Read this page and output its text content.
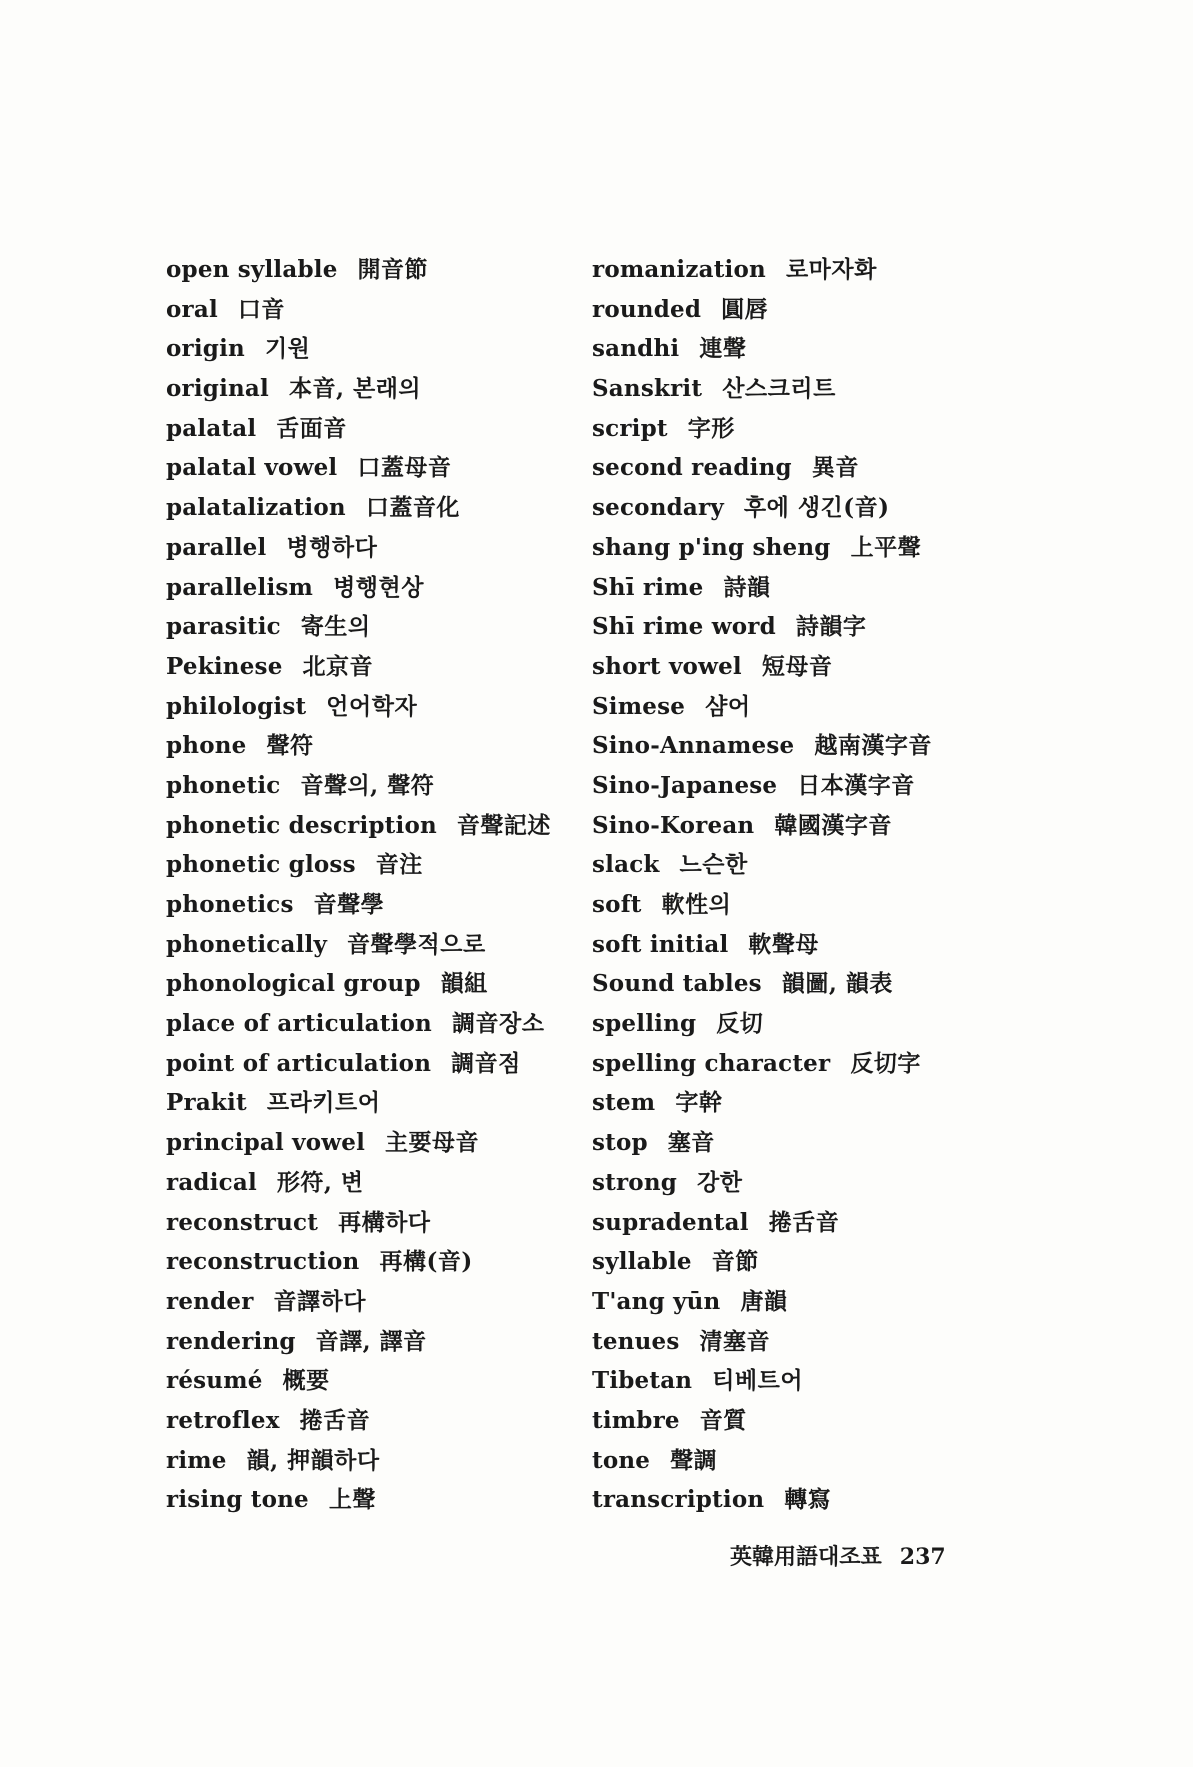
open syllable 開音節
oral 口音
origin 기원
original 本音, 본래의
palatal 舌面音
palatal vowel 口蓋母音
palatalization 口蓋音化
parallel 병행하다
parallelism 병행현상
parasitic 寄生의
Pekinese 北京音
philologist 언어학자
phone 聲符
phonetic 音聲의, 聲符
phonetic description 音聲記述
phonetic gloss 音注
phonetics 音聲學
phonetically 音聲學적으로
phonological group 韻組
place of articulation 調音장소
point of articulation 調音점
Prakit 프라키트어
principal vowel 主要母音
radical 形符, 변
reconstruct 再構하다
reconstruction 再構(音)
render 音譯하다
rendering 音譯, 譯音
résumé 概要
retroflex 捲舌音
rime 韻, 押韻하다
rising tone 上聲
romanization 로마자화
rounded 圓唇
sandhi 連聲
Sanskrit 산스크리트
script 字形
second reading 異音
secondary 후에 생긴(音)
shang p'ing sheng 上平聲
Shī rime 詩韻
Shī rime word 詩韻字
short vowel 短母音
Simese 샴어
Sino-Annamese 越南漢字音
Sino-Japanese 日本漢字音
Sino-Korean 韓國漢字音
slack 느슨한
soft 軟性의
soft initial 軟聲母
Sound tables 韻圖, 韻表
spelling 反切
spelling character 反切字
stem 字幹
stop 塞音
strong 강한
supradental 捲舌音
syllable 音節
T'ang yūn 唐韻
tenues 清塞音
Tibetan 티베트어
timbre 音質
tone 聲調
transcription 轉寫
英韓用語대조표 237
